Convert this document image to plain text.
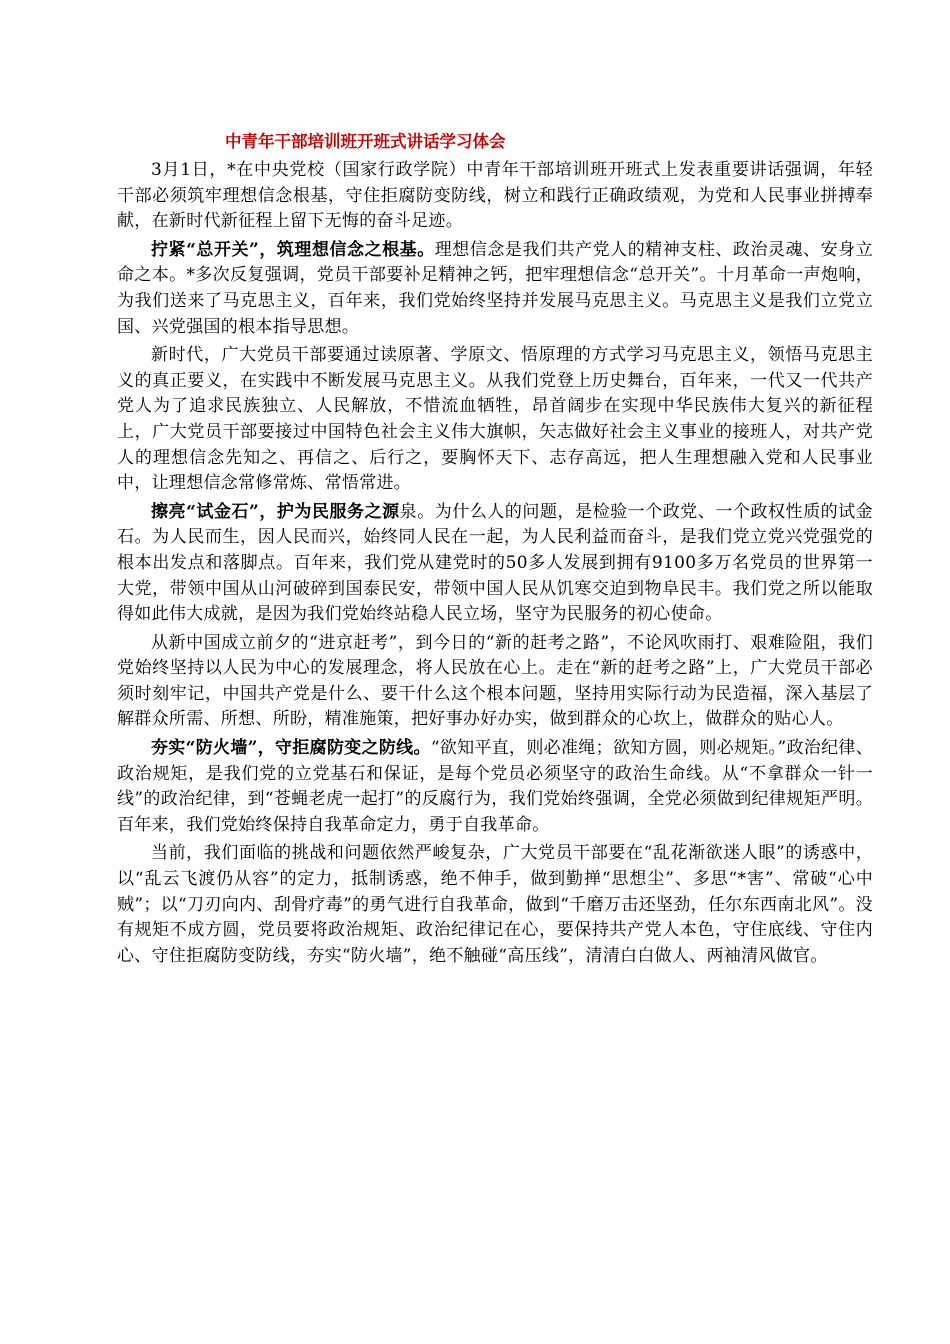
中青年干部培训班开班式讲话学习体会

3月1日，*在中央党校（国家行政学院）中青年干部培训班开班式上发表重要讲话强调，年轻干部必须筑牢理想信念根基，守住拒腐防变防线，树立和践行正确政绩观，为党和人民事业拼搏奉献，在新时代新征程上留下无悔的奋斗足迹。

拧紧“总开关”，筑理想信念之根基。理想信念是我们共产党人的精神支柱、政治灵魂、安身立命之本。*多次反复强调，党员干部要补足精神之钙，把牢理想信念“总开关”。十月革命一声炮响，为我们送来了马克思主义，百年来，我们党始终坚持并发展马克思主义。马克思主义是我们立党立国、兴党强国的根本指导思想。

新时代，广大党员干部要通过读原著、学原文、悟原理的方式学习马克思主义，领悟马克思主义的真正要义，在实践中不断发展马克思主义。从我们党登上历史舞台，百年来，一代又一代共产党人为了追求民族独立、人民解放，不惜流血牺牲，昂首阔步在实现中华民族伟大复兴的新征程上，广大党员干部要接过中国特色社会主义伟大旗帜，矢志做好社会主义事业的接班人，对共产党人的理想信念先知之、再信之、后行之，要胸怀天下、志存高远，把人生理想融入党和人民事业中，让理想信念常修常炼、常悟常进。

擦亮“试金石”，护为民服务之源泉。为什么人的问题，是检验一个政党、一个政权性质的试金石。为人民而生，因人民而兴，始终同人民在一起，为人民利益而奋斗，是我们党立党兴党强党的根本出发点和落脚点。百年来，我们党从建党时的50多人发展到拥有9100多万名党员的世界第一大党，带领中国从山河破碎到国泰民安，带领中国人民从饥寒交迫到物阜民丰。我们党之所以能取得如此伟大成就，是因为我们党始终站稳人民立场，坚守为民服务的初心使命。

从新中国成立前夕的“进京赶考”，到今日的“新的赶考之路”，不论风吹雨打、艰难险阻，我们党始终坚持以人民为中心的发展理念，将人民放在心上。走在“新的赶考之路”上，广大党员干部必须时刻牢记，中国共产党是什么、要干什么这个根本问题，坚持用实际行动为民造福，深入基层了解群众所需、所想、所盼，精准施策，把好事办好办实，做到群众的心坎上，做群众的贴心人。

夯实“防火墙”，守拒腐防变之防线。“欲知平直，则必准绳；欲知方圆，则必规矩。”政治纪律、政治规矩，是我们党的立党基石和保证，是每个党员必须坚守的政治生命线。从“不拿群众一针一线”的政治纪律，到“苍蝇老虎一起打”的反腐行为，我们党始终强调，全党必须做到纪律规矩严明。百年来，我们党始终保持自我革命定力，勇于自我革命。

当前，我们面临的挑战和问题依然严峻复杂，广大党员干部要在“乱花渐欲迷人眼”的诱惑中，以“乱云飞渡仍从容”的定力，抵制诱惑，绝不伸手，做到勤掸“思想尘”、多思“*害”、常破“心中贼”；以“刀刃向内、刮骨疗毒”的勇气进行自我革命，做到“千磨万击还坚劲，任尔东西南北风”。没有规矩不成方圆，党员要将政治规矩、政治纪律记在心，要保持共产党人本色，守住底线、守住内心、守住拒腐防变防线，夯实“防火墙”，绝不触碰“高压线”，清清白白做人、两袖清风做官。
